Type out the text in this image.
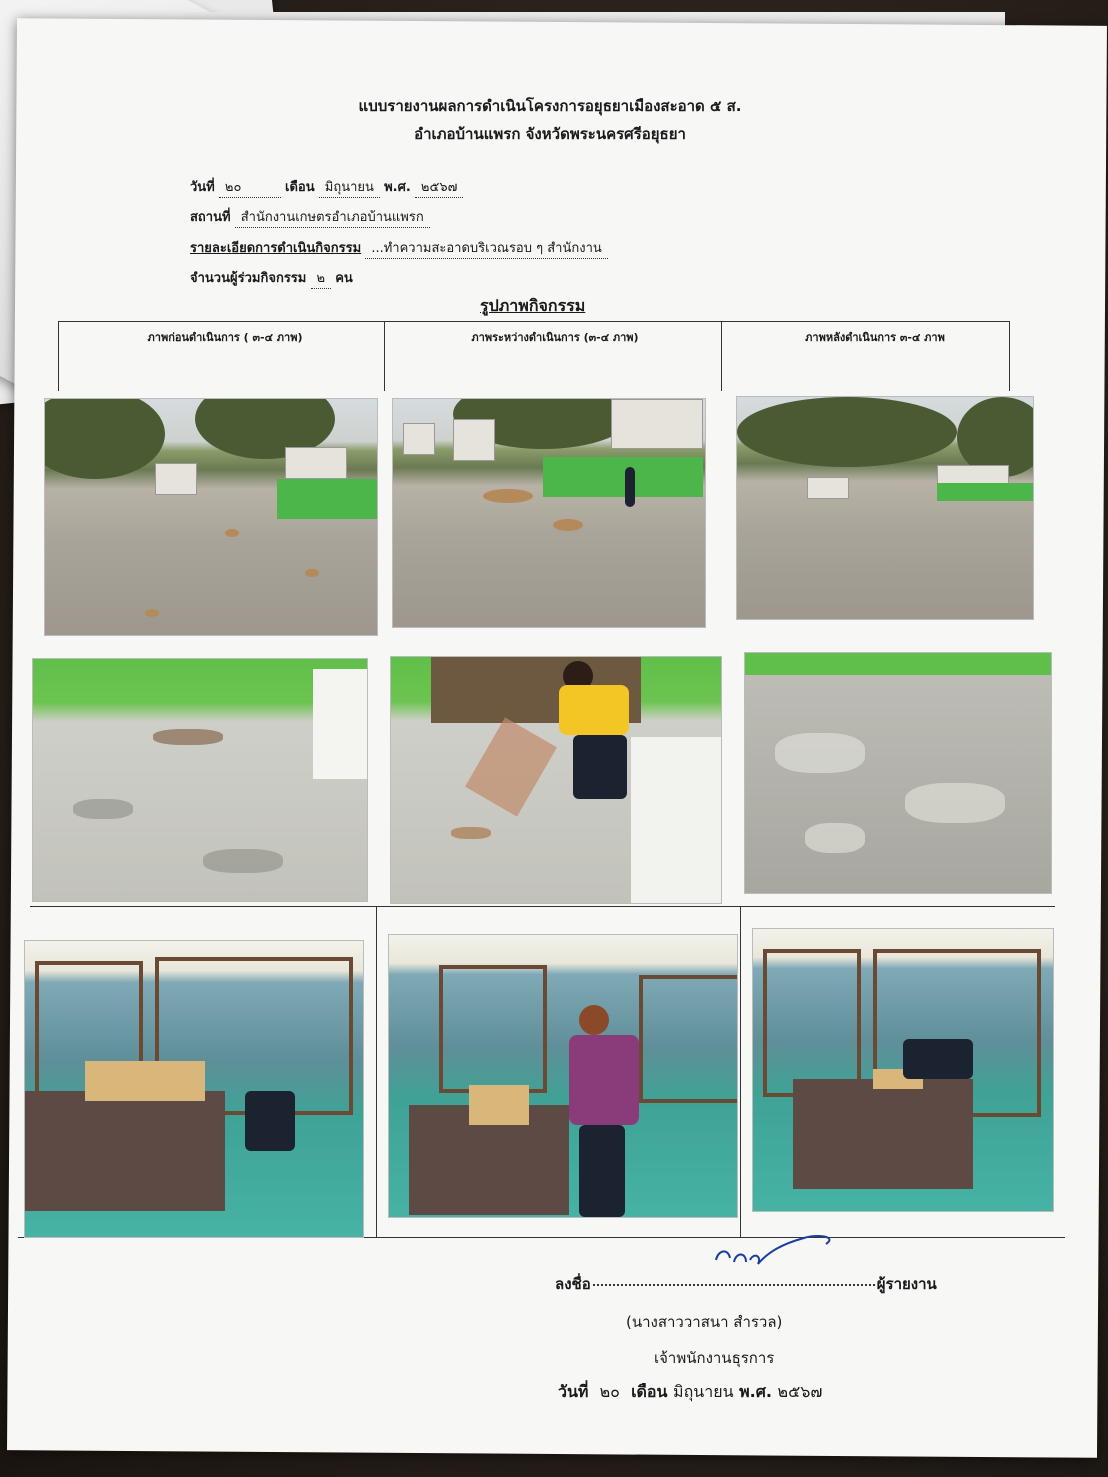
แบบรายงานผลการดำเนินโครงการอยุธยาเมืองสะอาด ๕ ส.
อำเภอบ้านแพรก จังหวัดพระนครศรีอยุธยา
วันที่ ๒๐	เดือน มิถุนายน พ.ศ. ๒๕๖๗
สถานที่ สำนักงานเกษตรอำเภอบ้านแพรก
รายละเอียดการดำเนินกิจกรรม ...ทำความสะอาดบริเวณรอบ ๆ สำนักงาน
จำนวนผู้ร่วมกิจกรรม ๒ คน
รูปภาพกิจกรรม
ภาพก่อนดำเนินการ ( ๓-๔ ภาพ)	ภาพระหว่างดำเนินการ (๓-๔ ภาพ)	ภาพหลังดำเนินการ ๓-๔ ภาพ
ลงชื่อ	ผู้รายงาน
(นางสาววาสนา สำรวล)
เจ้าพนักงานธุรการ
วันที่ ๒๐ เดือน มิถุนายน พ.ศ. ๒๕๖๗
